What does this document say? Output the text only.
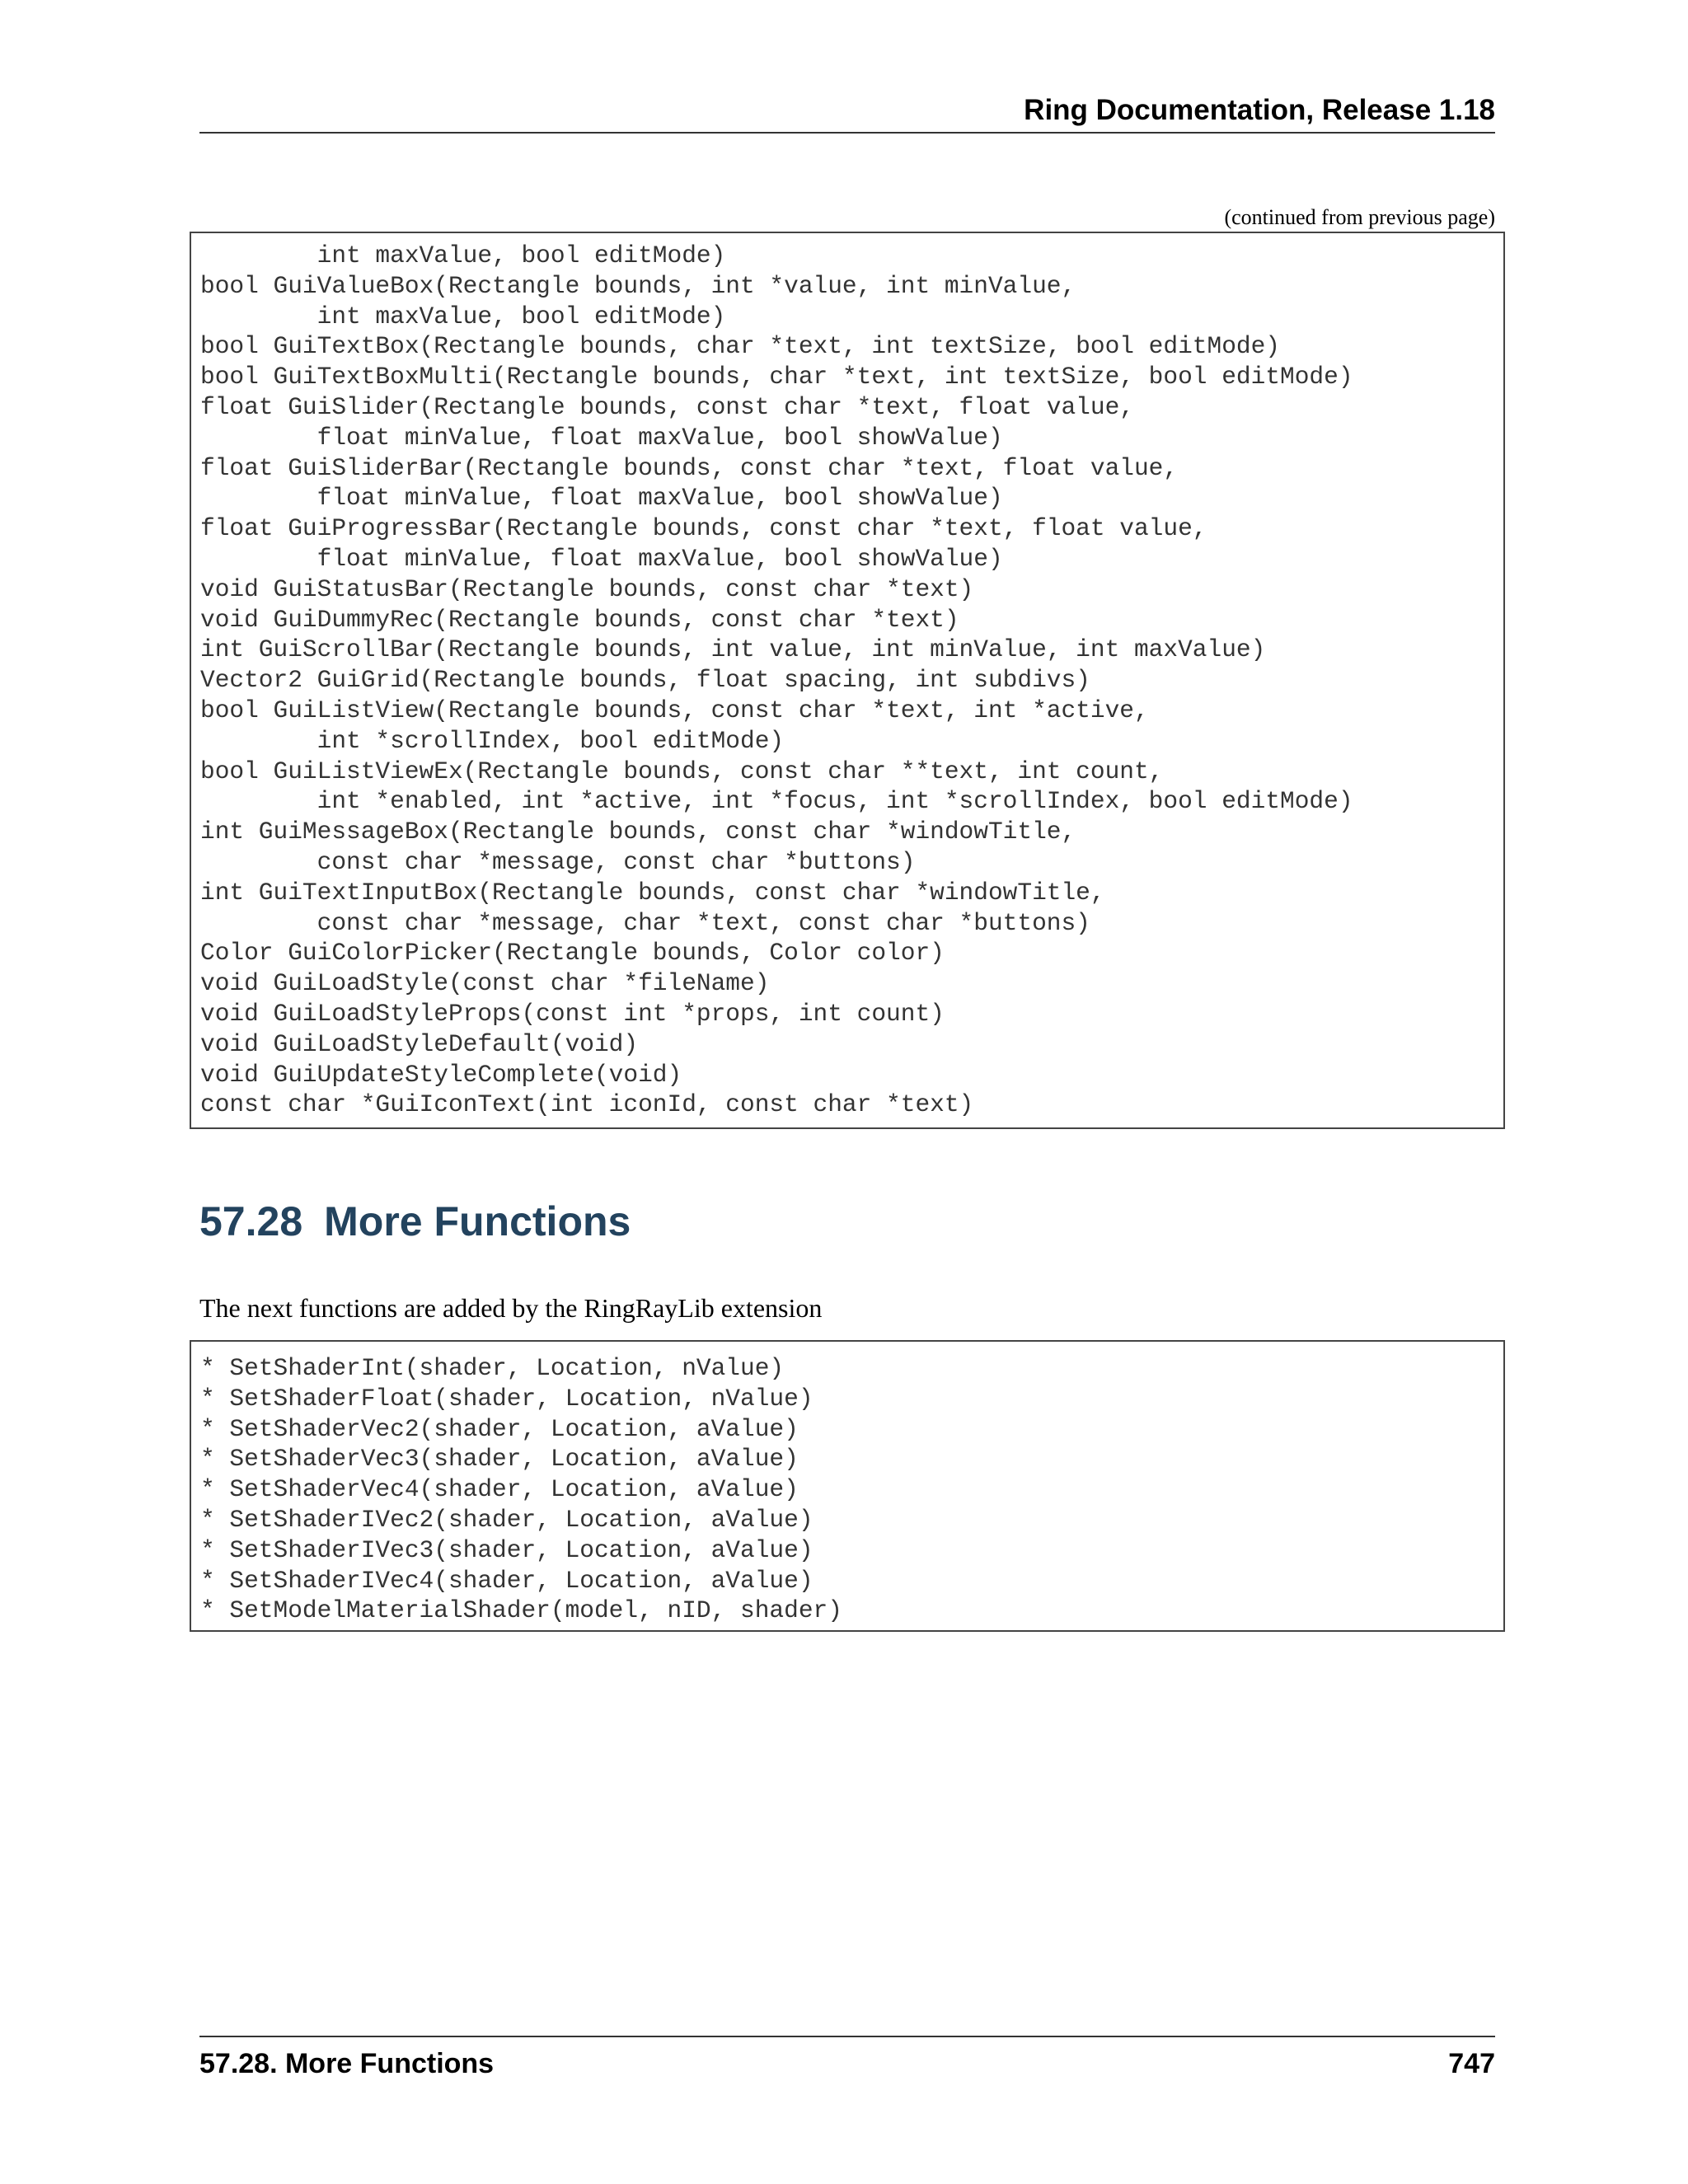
Ring Documentation, Release 1.18
(continued from previous page)
int maxValue, bool editMode)
bool GuiValueBox(Rectangle bounds, int *value, int minValue,
int maxValue, bool editMode)
bool GuiTextBox(Rectangle bounds, char *text, int textSize, bool editMode)
bool GuiTextBoxMulti(Rectangle bounds, char *text, int textSize, bool editMode)
float GuiSlider(Rectangle bounds, const char *text, float value,
float minValue, float maxValue, bool showValue)
float GuiSliderBar(Rectangle bounds, const char *text, float value,
float minValue, float maxValue, bool showValue)
float GuiProgressBar(Rectangle bounds, const char *text, float value,
float minValue, float maxValue, bool showValue)
void GuiStatusBar(Rectangle bounds, const char *text)
void GuiDummyRec(Rectangle bounds, const char *text)
int GuiScrollBar(Rectangle bounds, int value, int minValue, int maxValue)
Vector2 GuiGrid(Rectangle bounds, float spacing, int subdivs)
bool GuiListView(Rectangle bounds, const char *text, int *active,
int *scrollIndex, bool editMode)
bool GuiListViewEx(Rectangle bounds, const char **text, int count,
int *enabled, int *active, int *focus, int *scrollIndex, bool editMode)
int GuiMessageBox(Rectangle bounds, const char *windowTitle,
const char *message, const char *buttons)
int GuiTextInputBox(Rectangle bounds, const char *windowTitle,
const char *message, char *text, const char *buttons)
Color GuiColorPicker(Rectangle bounds, Color color)
void GuiLoadStyle(const char *fileName)
void GuiLoadStyleProps(const int *props, int count)
void GuiLoadStyleDefault(void)
void GuiUpdateStyleComplete(void)
const char *GuiIconText(int iconId, const char *text)
57.28 More Functions

The next functions are added by the RingRayLib extension

* SetShaderInt(shader, Location, nValue)
* SetShaderFloat(shader, Location, nValue)
* SetShaderVec2(shader, Location, aValue)
* SetShaderVec3(shader, Location, aValue)
* SetShaderVec4(shader, Location, aValue)
* SetShaderIVec2(shader, Location, aValue)
* SetShaderIVec3(shader, Location, aValue)
* SetShaderIVec4(shader, Location, aValue)
* SetModelMaterialShader(model, nID, shader)
57.28. More Functions	747
